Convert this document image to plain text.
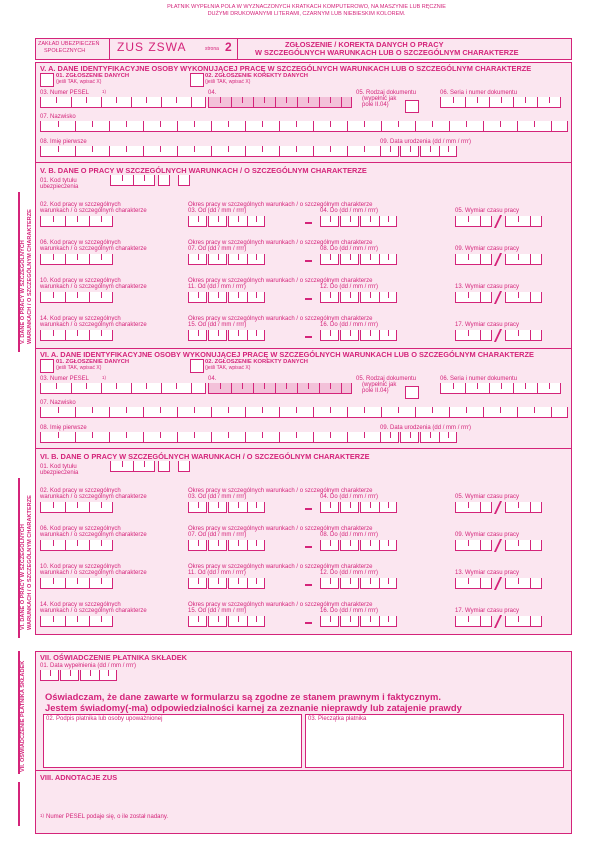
PŁATNIK WYPEŁNIA POLA W WYZNACZONYCH KRATKACH KOMPUTEROWO, NA MASZYNIE LUB RĘCZNIE
DUŻYMI DRUKOWANYMI LITERAMI, CZARNYM LUB NIEBIESKIM KOLOREM.
ZAKŁAD UBEZPIECZEŃ
SPOŁECZNYCH	ZUS ZSWA	strona 2	ZGŁOSZENIE / KOREKTA DANYCH O PRACY
W SZCZEGÓLNYCH WARUNKACH LUB O SZCZEGÓLNYM CHARAKTERZE
V. DANE O PRACY W SZCZEGÓLNYCH WARUNKACH / O SZCZEGÓLNYM CHARAKTERZE
V. A. DANE IDENTYFIKACYJNE OSOBY WYKONUJĄCEJ PRACĘ W SZCZEGÓLNYCH WARUNKACH LUB O SZCZEGÓLNYM CHARAKTERZE
01. ZGŁOSZENIE DANYCH
(jeśli TAK, wpisać X)
02. ZGŁOSZENIE KOREKTY DANYCH
(jeśli TAK, wpisać X)
03. Numer PESEL	1)	04.	05. Rodzaj dokumentu
(wypełnić jak
pole II.04)
06. Seria i numer dokumentu
07. Nazwisko
08. Imię pierwsze	09. Data urodzenia (dd / mm / rrrr)
V. B. DANE O PRACY W SZCZEGÓLNYCH WARUNKACH / O SZCZEGÓLNYM CHARAKTERZE
01. Kod tytułu
ubezpieczenia
02. Kod pracy w szczególnych
warunkach / o szczególnym charakterze
Okres pracy w szczególnych warunkach / o szczególnym charakterze
03. Od (dd / mm / rrrr)	04. Do (dd / mm / rrrr)	05. Wymiar czasu pracy
06. Kod pracy w szczególnych
warunkach / o szczególnym charakterze
Okres pracy w szczególnych warunkach / o szczególnym charakterze
07. Od (dd / mm / rrrr)	08. Do (dd / mm / rrrr)	09. Wymiar czasu pracy
10. Kod pracy w szczególnych
warunkach / o szczególnym charakterze
Okres pracy w szczególnych warunkach / o szczególnym charakterze
11. Od (dd / mm / rrrr)	12. Do (dd / mm / rrrr)	13. Wymiar czasu pracy
14. Kod pracy w szczególnych
warunkach / o szczególnym charakterze
Okres pracy w szczególnych warunkach / o szczególnym charakterze
15. Od (dd / mm / rrrr)	16. Do (dd / mm / rrrr)	17. Wymiar czasu pracy
VI. DANE O PRACY W SZCZEGÓLNYCH WARUNKACH / O SZCZEGÓLNYM CHARAKTERZE
VI. A. DANE IDENTYFIKACYJNE OSOBY WYKONUJĄCEJ PRACĘ W SZCZEGÓLNYCH WARUNKACH LUB O SZCZEGÓLNYM CHARAKTERZE
01. ZGŁOSZENIE DANYCH
(jeśli TAK, wpisać X)
02. ZGŁOSZENIE KOREKTY DANYCH
(jeśli TAK, wpisać X)
03. Numer PESEL	1)	04.	05. Rodzaj dokumentu
(wypełnić jak
pole II.04)
06. Seria i numer dokumentu
07. Nazwisko
08. Imię pierwsze	09. Data urodzenia (dd / mm / rrrr)
VI. B. DANE O PRACY W SZCZEGÓLNYCH WARUNKACH / O SZCZEGÓLNYM CHARAKTERZE
01. Kod tytułu
ubezpieczenia
02. Kod pracy w szczególnych
warunkach / o szczególnym charakterze
Okres pracy w szczególnych warunkach / o szczególnym charakterze
03. Od (dd / mm / rrrr)	04. Do (dd / mm / rrrr)	05. Wymiar czasu pracy
06. Kod pracy w szczególnych
warunkach / o szczególnym charakterze
Okres pracy w szczególnych warunkach / o szczególnym charakterze
07. Od (dd / mm / rrrr)	08. Do (dd / mm / rrrr)	09. Wymiar czasu pracy
10. Kod pracy w szczególnych
warunkach / o szczególnym charakterze
Okres pracy w szczególnych warunkach / o szczególnym charakterze
11. Od (dd / mm / rrrr)	12. Do (dd / mm / rrrr)	13. Wymiar czasu pracy
14. Kod pracy w szczególnych
warunkach / o szczególnym charakterze
Okres pracy w szczególnych warunkach / o szczególnym charakterze
15. Od (dd / mm / rrrr)	16. Do (dd / mm / rrrr)	17. Wymiar czasu pracy
VII. OŚWIADCZENIE PŁATNIKA SKŁADEK
VII. OŚWIADCZENIE PŁATNIKA SKŁADEK
01. Data wypełnienia (dd / mm / rrrr)
Oświadczam, że dane zawarte w formularzu są zgodne ze stanem prawnym i faktycznym.
Jestem świadomy(-ma) odpowiedzialności karnej za zeznanie nieprawdy lub zatajenie prawdy
02. Podpis płatnika lub osoby upoważnionej	03. Pieczątka płatnika
VIII. ADNOTACJE ZUS
1) Numer PESEL podaje się, o ile został nadany.
